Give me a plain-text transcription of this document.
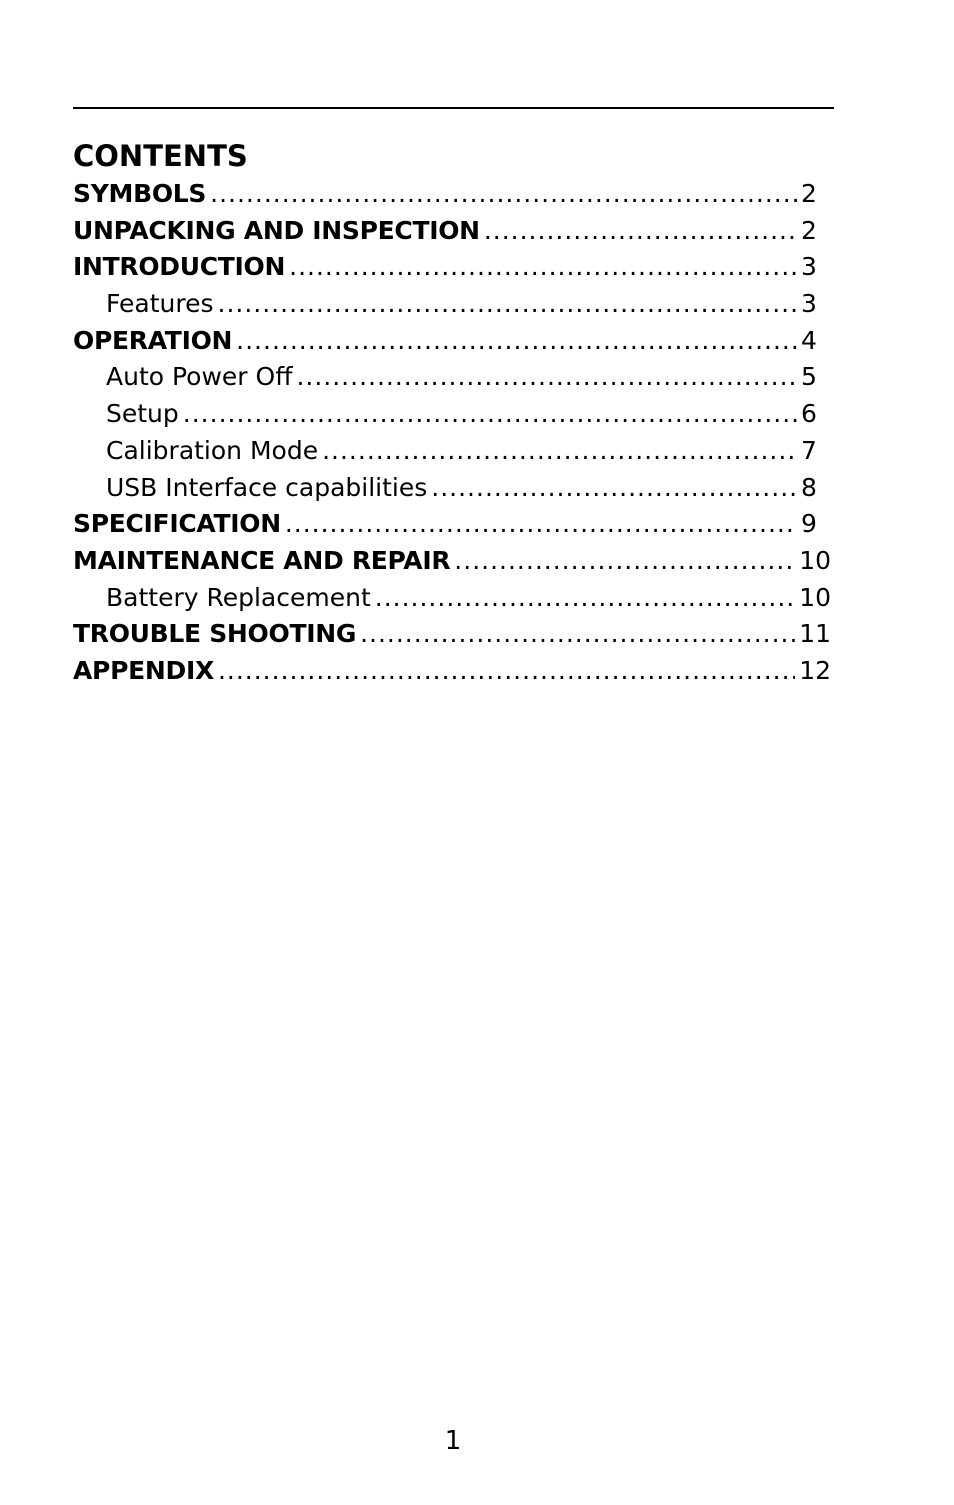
CONTENTS
SYMBOLS .....	2
UNPACKING AND INSPECTION .....	2
INTRODUCTION .....	3
Features .....	3
OPERATION .....	4
Auto Power Off .....	5
Setup .....	6
Calibration Mode .....	7
USB Interface capabilities .....	8
SPECIFICATION .....	9
MAINTENANCE AND REPAIR .....	10
Battery Replacement .....	10
TROUBLE SHOOTING .....	11
APPENDIX .....	12
1
